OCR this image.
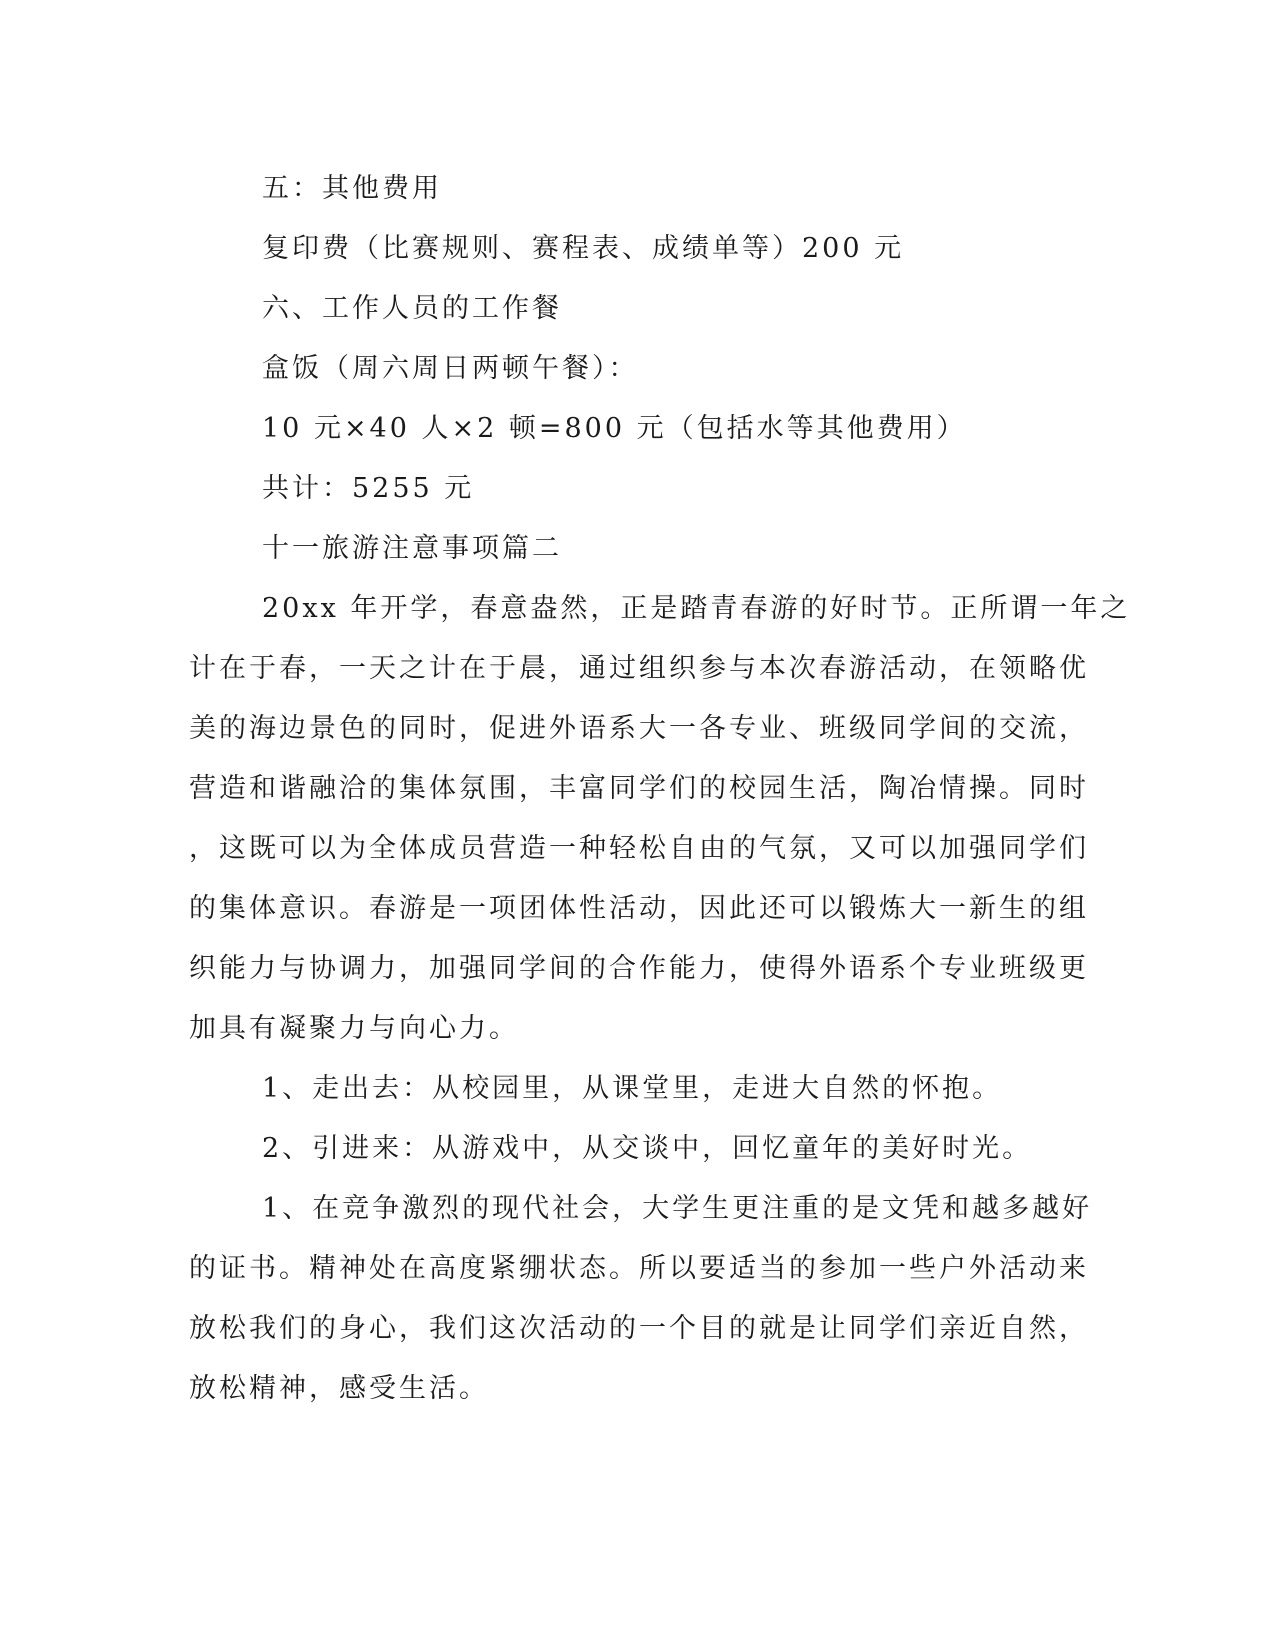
五：其他费用

复印费（比赛规则、赛程表、成绩单等）200 元

六、工作人员的工作餐

盒饭（周六周日两顿午餐）：

10 元×40 人×2 顿=800 元（包括水等其他费用）

共计：5255 元

十一旅游注意事项篇二

20xx 年开学，春意盎然，正是踏青春游的好时节。正所谓一年之

计在于春，一天之计在于晨，通过组织参与本次春游活动，在领略优

美的海边景色的同时，促进外语系大一各专业、班级同学间的交流，

营造和谐融洽的集体氛围，丰富同学们的校园生活，陶冶情操。同时

，这既可以为全体成员营造一种轻松自由的气氛，又可以加强同学们

的集体意识。春游是一项团体性活动，因此还可以锻炼大一新生的组

织能力与协调力，加强同学间的合作能力，使得外语系个专业班级更

加具有凝聚力与向心力。

1、走出去：从校园里，从课堂里，走进大自然的怀抱。

2、引进来：从游戏中，从交谈中，回忆童年的美好时光。

1、在竞争激烈的现代社会，大学生更注重的是文凭和越多越好

的证书。精神处在高度紧绷状态。所以要适当的参加一些户外活动来

放松我们的身心，我们这次活动的一个目的就是让同学们亲近自然，

放松精神，感受生活。
